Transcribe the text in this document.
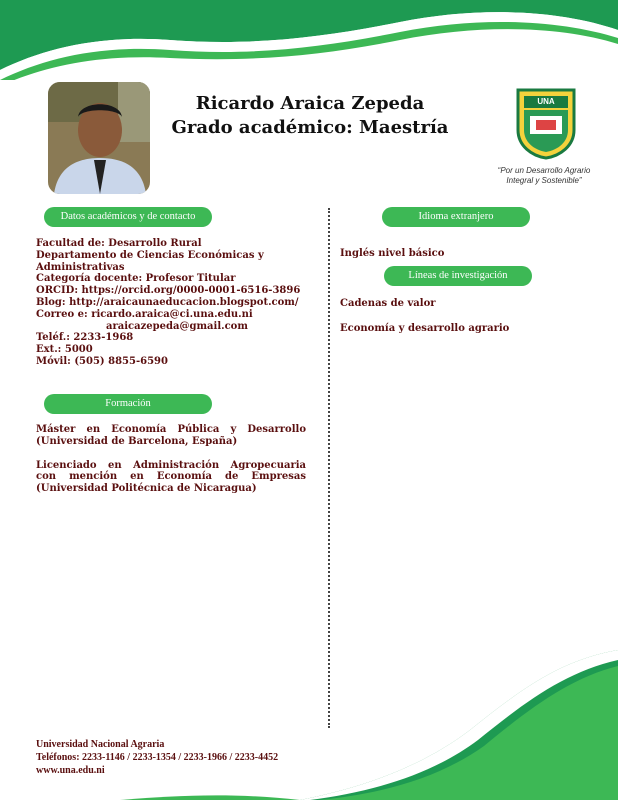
Ricardo Araica Zepeda
Grado académico: Maestría
UNA
“Por un Desarrollo Agrario
Integral y Sostenible”
Datos académicos y de contacto	Idioma extranjero
Líneas de investigación
Formación
Facultad de: Desarrollo Rural
Departamento de Ciencias Económicas y
Administrativas
Categoría docente: Profesor Titular
ORCID: https://orcid.org/0000-0001-6516-3896
Blog: http://araicaunaeducacion.blogspot.com/
Correo e: ricardo.araica@ci.una.edu.ni
araicazepeda@gmail.com
Teléf.: 2233-1968
Ext.: 5000
Móvil: (505) 8855-6590
Máster en Economía Pública y Desarrollo
(Universidad de Barcelona, España)
Licenciado en Administración Agropecuaria
con mención en Economía de Empresas
(Universidad Politécnica de Nicaragua)
Inglés nivel básico
Cadenas de valor
Economía y desarrollo agrario
Universidad Nacional Agraria
Teléfonos: 2233-1146 / 2233-1354 / 2233-1966 / 2233-4452
www.una.edu.ni
102
